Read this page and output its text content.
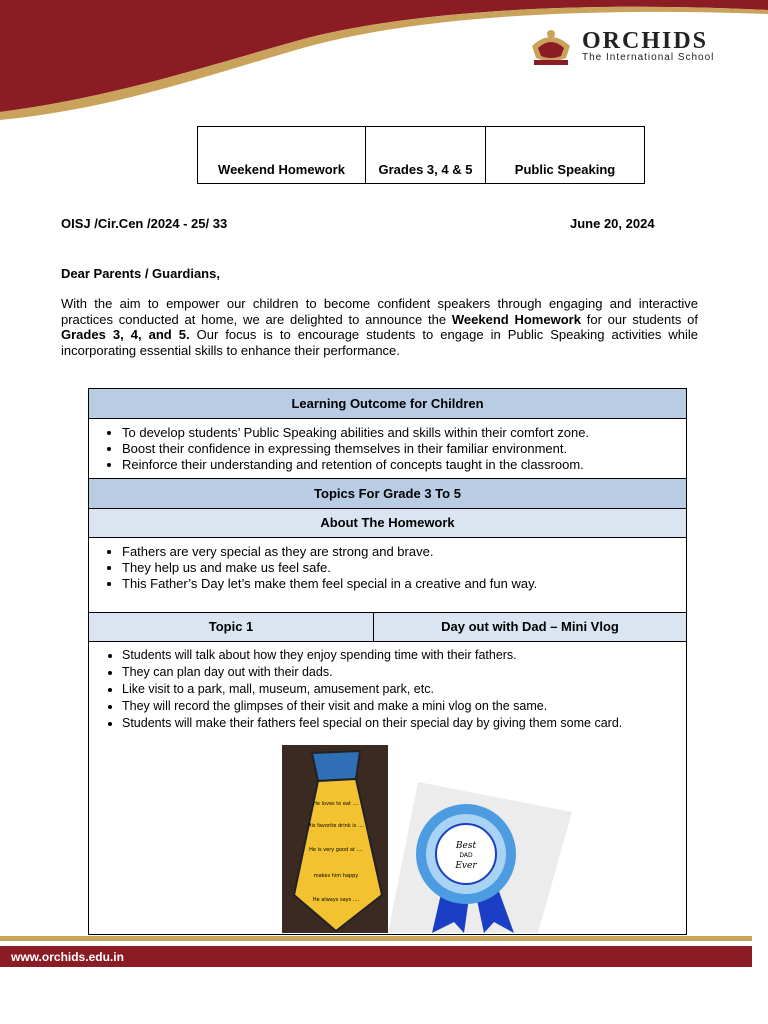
ORCHIDS
The International School
Weekend Homework	Grades 3, 4 & 5	Public Speaking
OISJ /Cir.Cen /2024 - 25/ 33	June 20, 2024
Dear Parents / Guardians,

With the aim to empower our children to become confident speakers through engaging and interactive practices conducted at home, we are delighted to announce the Weekend Homework for our students of Grades 3, 4, and 5. Our focus is to encourage students to engage in Public Speaking activities while incorporating essential skills to enhance their performance.

Learning Outcome for Children
• To develop students’ Public Speaking abilities and skills within their comfort zone.
• Boost their confidence in expressing themselves in their familiar environment.
• Reinforce their understanding and retention of concepts taught in the classroom.
Topics For Grade 3 To 5
About The Homework
• Fathers are very special as they are strong and brave.
• They help us and make us feel safe.
• This Father’s Day let’s make them feel special in a creative and fun way.
Topic 1	Day out with Dad – Mini Vlog
• Students will talk about how they enjoy spending time with their fathers.
• They can plan day out with their dads.
• Like visit to a park, mall, museum, amusement park, etc.
• They will record the glimpses of their visit and make a mini vlog on the same.
• Students will make their fathers feel special on their special day by giving them some card.
He loves to eat ....
His favorite drink is ....
He is very good at ....
makes him happy
He always says ....
Best
DAD
Ever
www.orchids.edu.in
